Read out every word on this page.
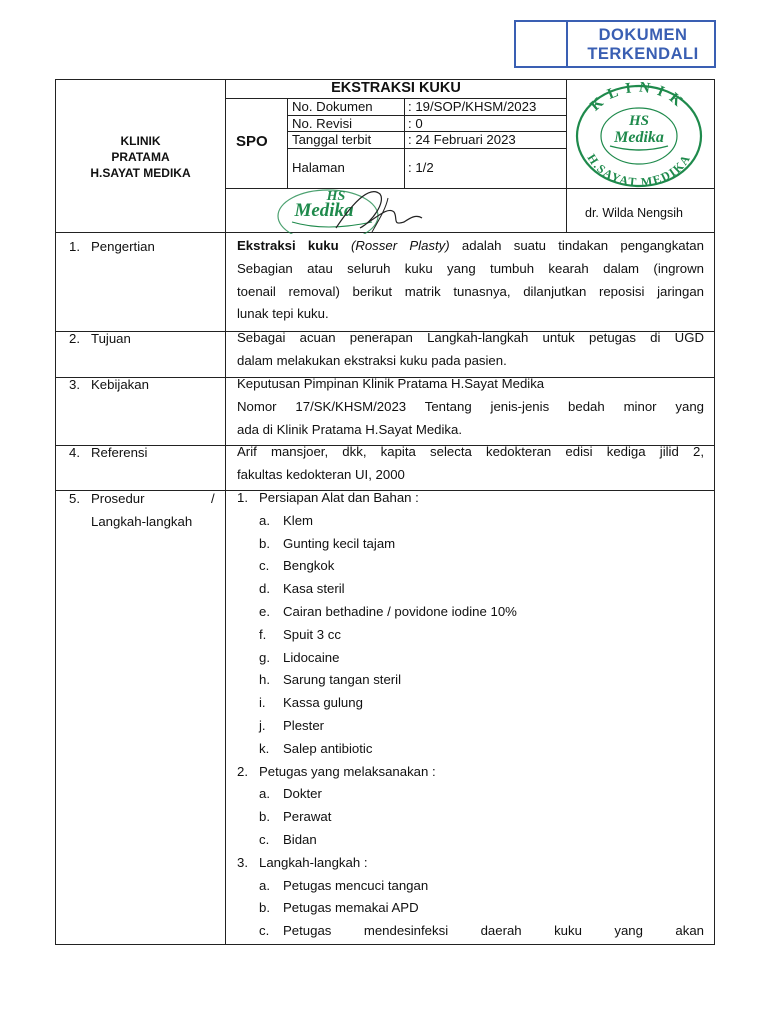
DOKUMEN
TERKENDALI
KLINIK
PRATAMA
H.SAYAT MEDIKA
EKSTRAKSI KUKU
SPO
No. Dokumen	: 19/SOP/KHSM/2023
No. Revisi	: 0
Tanggal terbit	: 24 Februari 2023
Halaman	: 1/2
KLINIK
H.SAYAT MEDIKA
HS
Medika
HS
Medika	dr. Wilda Nengsih
1. Pengertian	Ekstraksi kuku (Rosser Plasty) adalah suatu tindakan pengangkatan
Sebagian atau seluruh kuku yang tumbuh kearah dalam (ingrown
toenail removal) berikut matrik tunasnya, dilanjutkan reposisi jaringan
lunak tepi kuku.
2. Tujuan	Sebagai acuan penerapan Langkah-langkah untuk petugas di UGD
dalam melakukan ekstraksi kuku pada pasien.
3. Kebijakan	Keputusan Pimpinan Klinik Pratama H.Sayat Medika
Nomor 17/SK/KHSM/2023 Tentang jenis-jenis bedah minor yang
ada di Klinik Pratama H.Sayat Medika.
4. Referensi	Arif mansjoer, dkk, kapita selecta kedokteran edisi kediga jilid 2,
fakultas kedokteran UI, 2000
5. Prosedur	/
Langkah-langkah
1. Persiapan Alat dan Bahan :
a. Klem
b. Gunting kecil tajam
c.	Bengkok
d. Kasa steril
e. Cairan bethadine / povidone iodine 10%
f.	Spuit 3 cc
g. Lidocaine
h. Sarung tangan steril
i.	Kassa gulung
j.	Plester
k.	Salep antibiotic
2. Petugas yang melaksanakan :
a. Dokter
b. Perawat
c.	Bidan
3. Langkah-langkah :
a. Petugas mencuci tangan
b. Petugas memakai APD
c.	Petugas mendesinfeksi daerah kuku yang akan
